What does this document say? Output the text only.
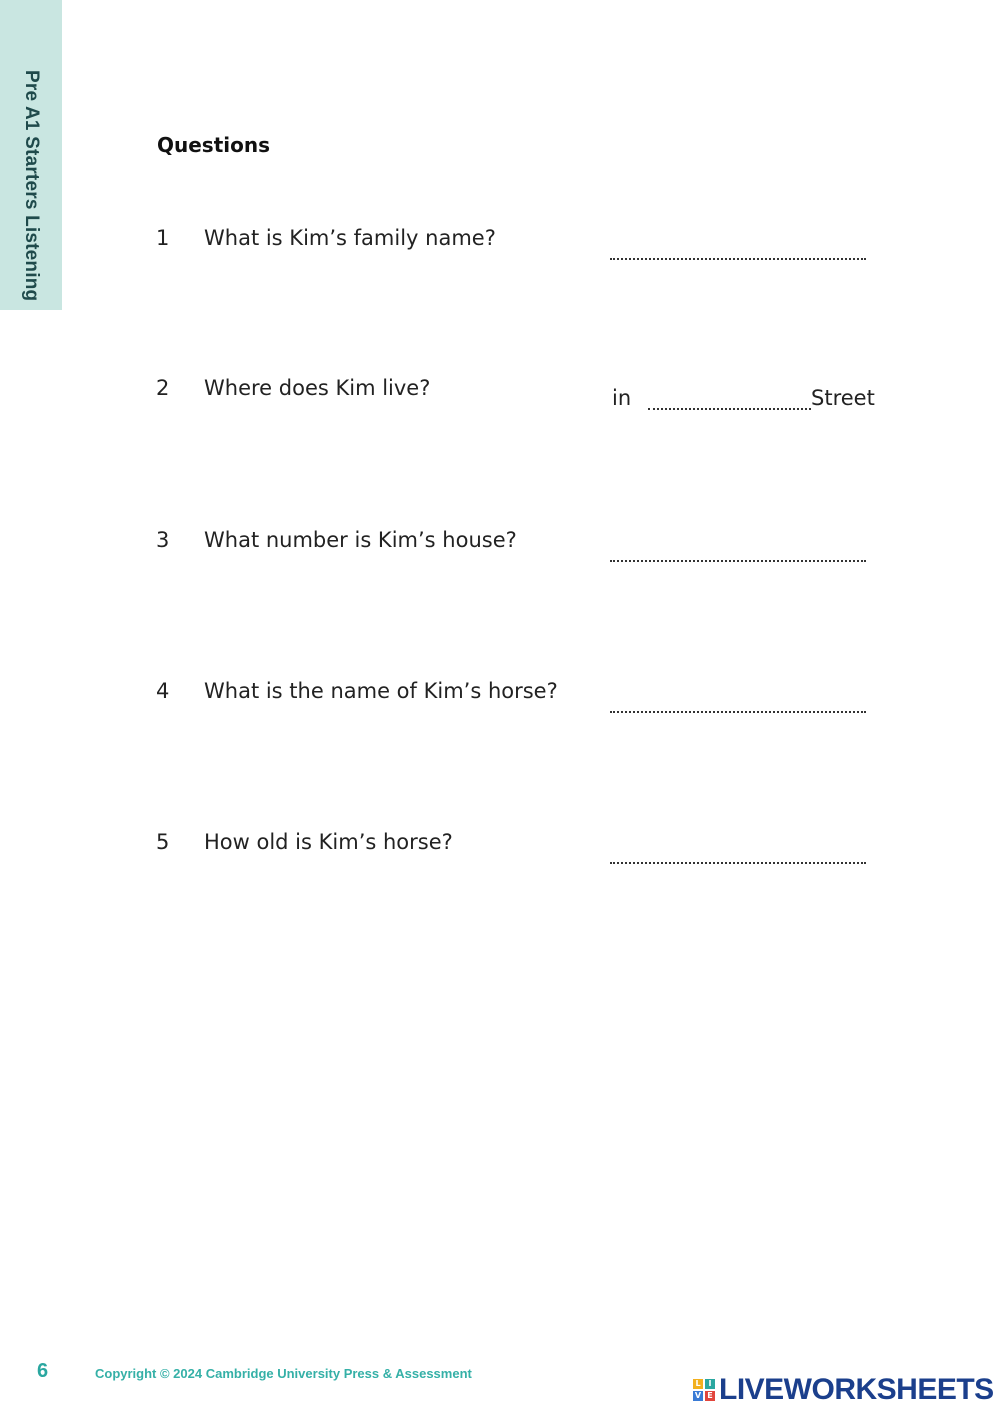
Pre A1 Starters Listening	Questions
1 What is Kim’s family name?
2 Where does Kim live?	in	Street
3 What number is Kim’s house?
4 What is the name of Kim’s horse?
5 How old is Kim’s horse?
6	Copyright © 2024 Cambridge University Press & Assessment
L I
V E LIVEWORKSHEETS
